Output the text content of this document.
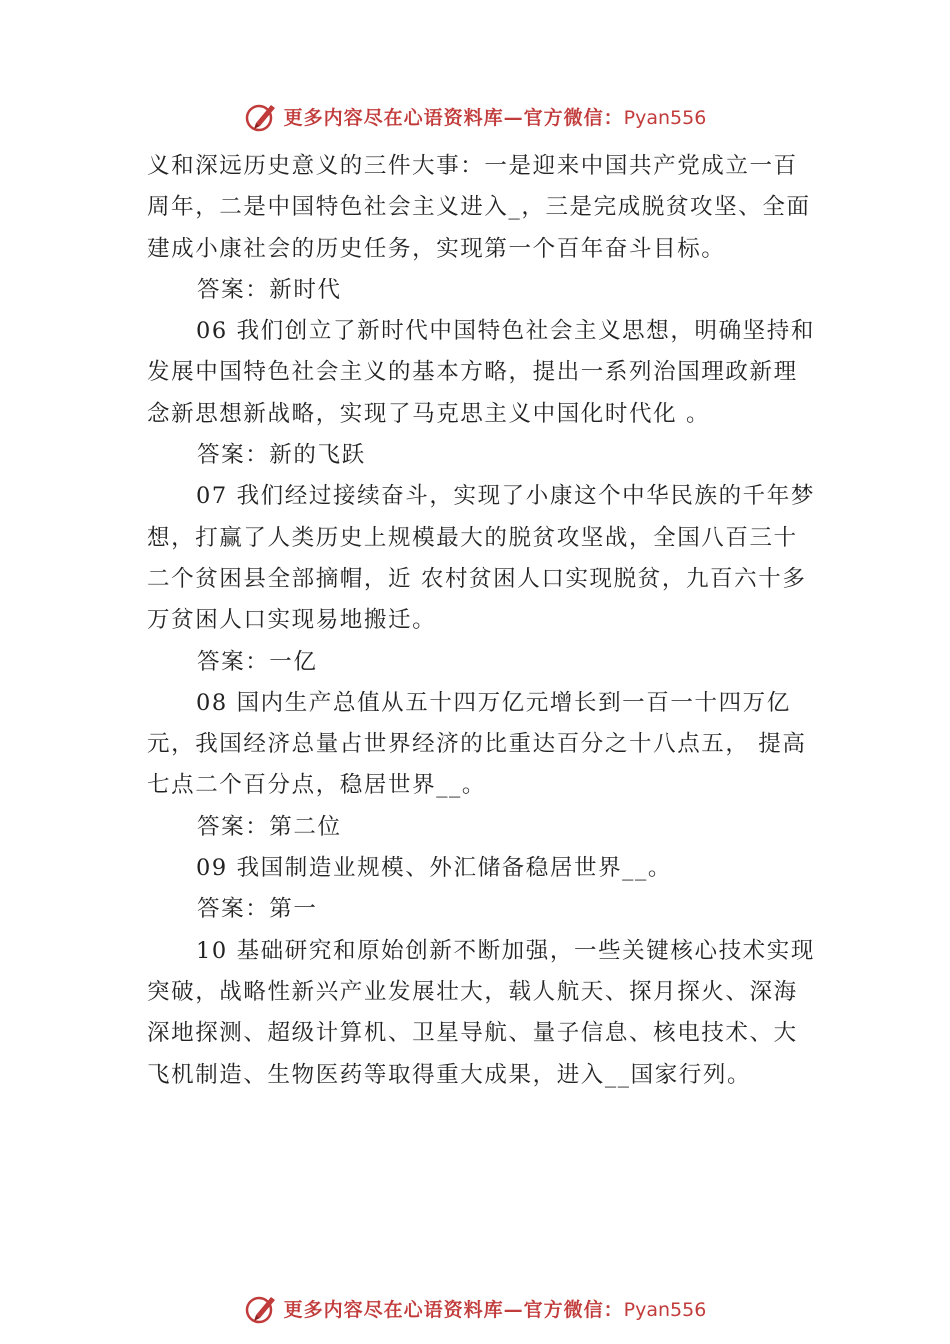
更多内容尽在心语资料库—官方微信：Pyan556

义和深远历史意义的三件大事：一是迎来中国共产党成立一百周年，二是中国特色社会主义进入_，三是完成脱贫攻坚、全面建成小康社会的历史任务，实现第一个百年奋斗目标。

答案：新时代

06 我们创立了新时代中国特色社会主义思想，明确坚持和发展中国特色社会主义的基本方略，提出一系列治国理政新理念新思想新战略，实现了马克思主义中国化时代化 。

答案：新的飞跃

07 我们经过接续奋斗，实现了小康这个中华民族的千年梦想，打赢了人类历史上规模最大的脱贫攻坚战，全国八百三十二个贫困县全部摘帽，近 农村贫困人口实现脱贫，九百六十多万贫困人口实现易地搬迁。

答案：一亿

08 国内生产总值从五十四万亿元增长到一百一十四万亿元，我国经济总量占世界经济的比重达百分之十八点五， 提高七点二个百分点，稳居世界__。

答案：第二位

09 我国制造业规模、外汇储备稳居世界__。

答案：第一

10 基础研究和原始创新不断加强，一些关键核心技术实现突破，战略性新兴产业发展壮大，载人航天、探月探火、深海深地探测、超级计算机、卫星导航、量子信息、核电技术、大飞机制造、生物医药等取得重大成果，进入__国家行列。

更多内容尽在心语资料库—官方微信：Pyan556
